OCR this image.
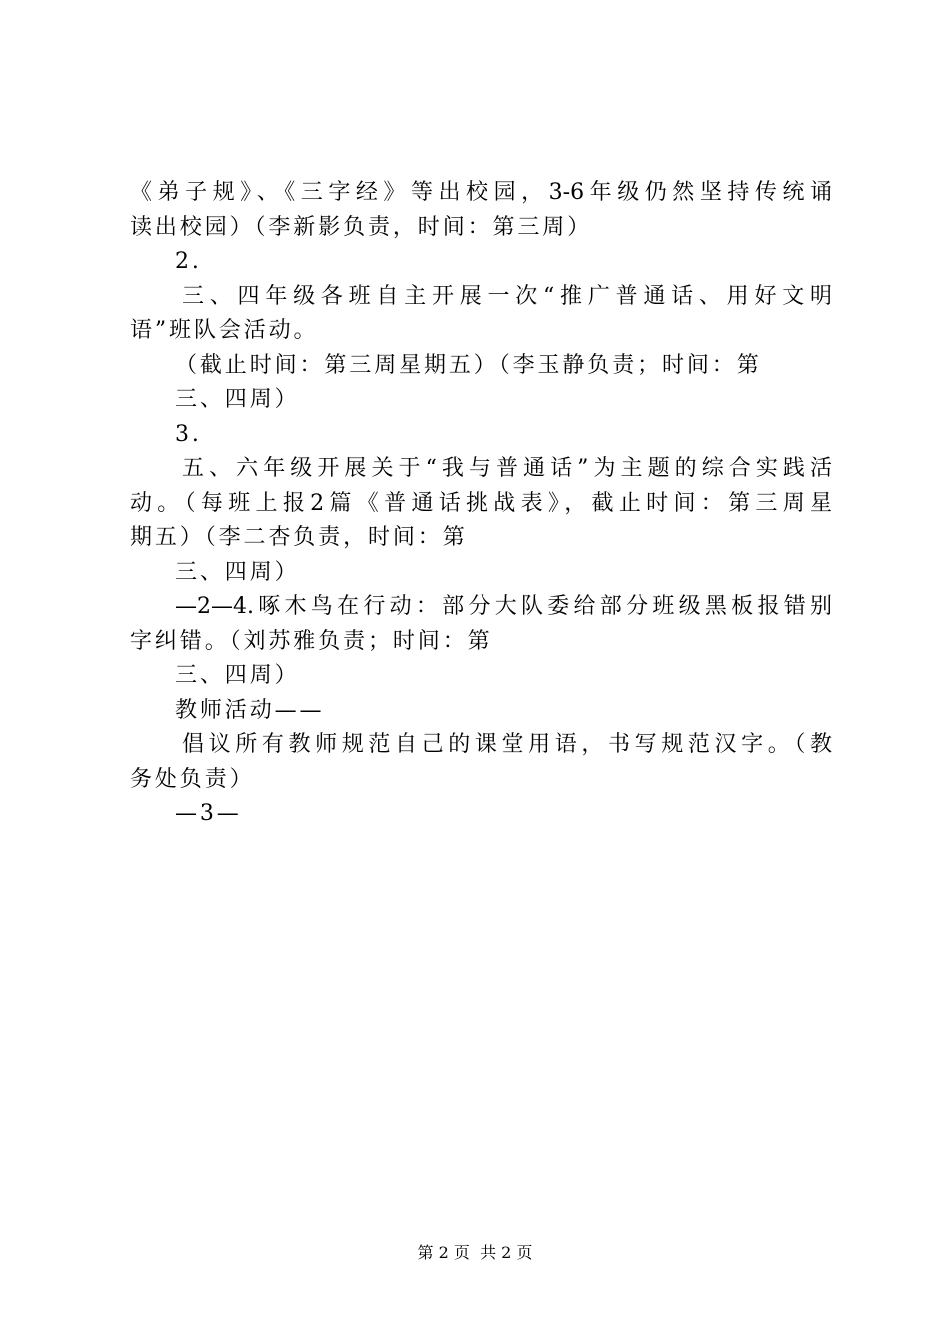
《弟子规》、《三字经》等出校园，3-6年级仍然坚持传统诵
读出校园）（李新影负责，时间：第三周）
2.
三、四年级各班自主开展一次“推广普通话、用好文明
语”班队会活动。
（截止时间：第三周星期五）（李玉静负责；时间：第
三、四周）
3.
五、六年级开展关于“我与普通话”为主题的综合实践活
动。（每班上报2篇《普通话挑战表》，截止时间：第三周星
期五）（李二杏负责，时间：第
三、四周）
—2—4.啄木鸟在行动：部分大队委给部分班级黑板报错别
字纠错。（刘苏雅负责；时间：第
三、四周）
教师活动——
倡议所有教师规范自己的课堂用语，书写规范汉字。（教
务处负责）
—3—
第 2 页  共 2 页
